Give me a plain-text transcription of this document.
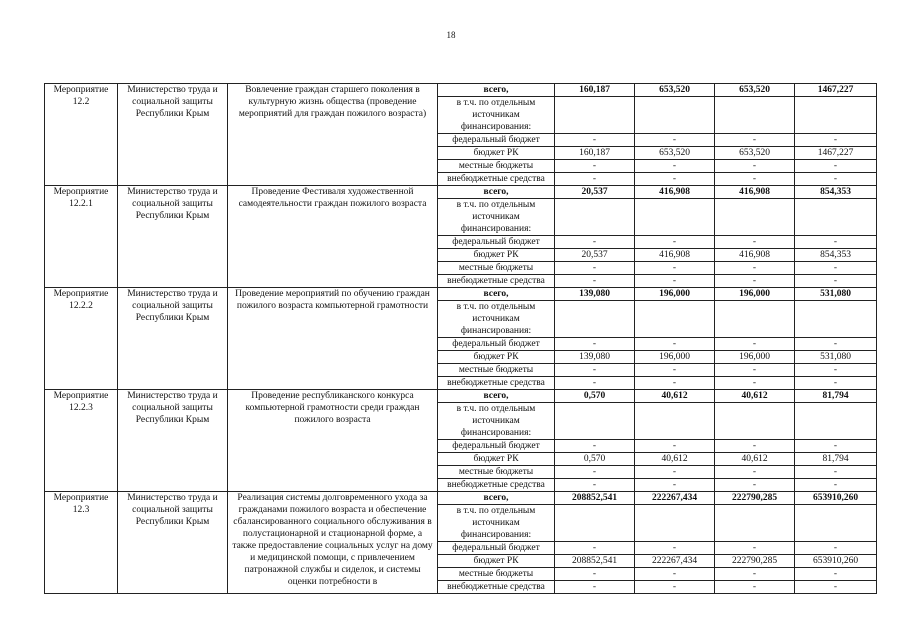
18
Мероприятие 12.2	Министерство труда и социальной защиты Республики Крым	Вовлечение граждан старшего поколения в культурную жизнь общества (проведение мероприятий для граждан пожилого возраста)	всего,	160,187	653,520	653,520	1467,227
			в т.ч. по отдельным источникам финансирования:				
			федеральный бюджет	-	-	-	-
			бюджет РК	160,187	653,520	653,520	1467,227
			местные бюджеты	-	-	-	-
			внебюджетные средства	-	-	-	-
Мероприятие 12.2.1	Министерство труда и социальной защиты Республики Крым	Проведение Фестиваля художественной самодеятельности граждан пожилого возраста	всего,	20,537	416,908	416,908	854,353
			в т.ч. по отдельным источникам финансирования:				
			федеральный бюджет	-	-	-	-
			бюджет РК	20,537	416,908	416,908	854,353
			местные бюджеты	-	-	-	-
			внебюджетные средства	-	-	-	-
Мероприятие 12.2.2	Министерство труда и социальной защиты Республики Крым	Проведение мероприятий по обучению граждан пожилого возраста компьютерной грамотности	всего,	139,080	196,000	196,000	531,080
			в т.ч. по отдельным источникам финансирования:				
			федеральный бюджет	-	-	-	-
			бюджет РК	139,080	196,000	196,000	531,080
			местные бюджеты	-	-	-	-
			внебюджетные средства	-	-	-	-
Мероприятие 12.2.3	Министерство труда и социальной защиты Республики Крым	Проведение республиканского конкурса компьютерной грамотности среди граждан пожилого возраста	всего,	0,570	40,612	40,612	81,794
			в т.ч. по отдельным источникам финансирования:				
			федеральный бюджет	-	-	-	-
			бюджет РК	0,570	40,612	40,612	81,794
			местные бюджеты	-	-	-	-
			внебюджетные средства	-	-	-	-
Мероприятие 12.3	Министерство труда и социальной защиты Республики Крым	Реализация системы долговременного ухода за гражданами пожилого возраста и обеспечение сбалансированного социального обслуживания в полустационарной и стационарной форме, а также предоставление социальных услуг на дому и медицинской помощи, с привлечением патронажной службы и сиделок, и системы оценки потребности в	всего,	208852,541	222267,434	222790,285	653910,260
			в т.ч. по отдельным источникам финансирования:				
			федеральный бюджет	-	-	-	-
			бюджет РК	208852,541	222267,434	222790,285	653910,260
			местные бюджеты	-	-	-	-
			внебюджетные средства	-	-	-	-
